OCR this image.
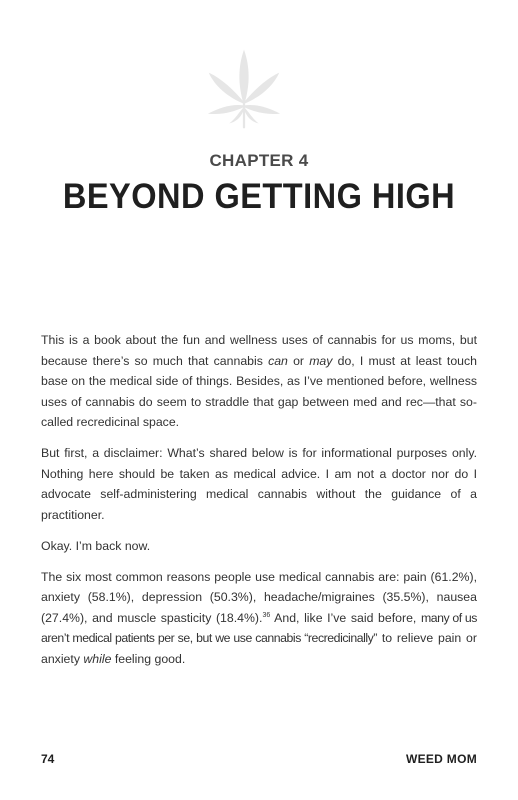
CHAPTER 4
BEYOND GETTING HIGH

This is a book about the fun and wellness uses of cannabis for us moms, but because there’s so much that cannabis can or may do, I must at least touch base on the medical side of things. Besides, as I’ve mentioned before, wellness uses of cannabis do seem to straddle that gap between med and rec—that so-called recredicinal space.

But first, a disclaimer: What’s shared below is for informational purposes only. Nothing here should be taken as medical advice. I am not a doctor nor do I advocate self-administering medical cannabis without the guidance of a practitioner.

Okay. I’m back now.

The six most common reasons people use medical cannabis are: pain (61.2%), anxiety (58.1%), depression (50.3%), headache/migraines (35.5%), nausea (27.4%), and muscle spasticity (18.4%).$^{36}$ And, like I’ve said before, many of us aren’t medical patients per se, but we use cannabis “recredicinally” to relieve pain or anxiety while feeling good.

74	WEED MOM
